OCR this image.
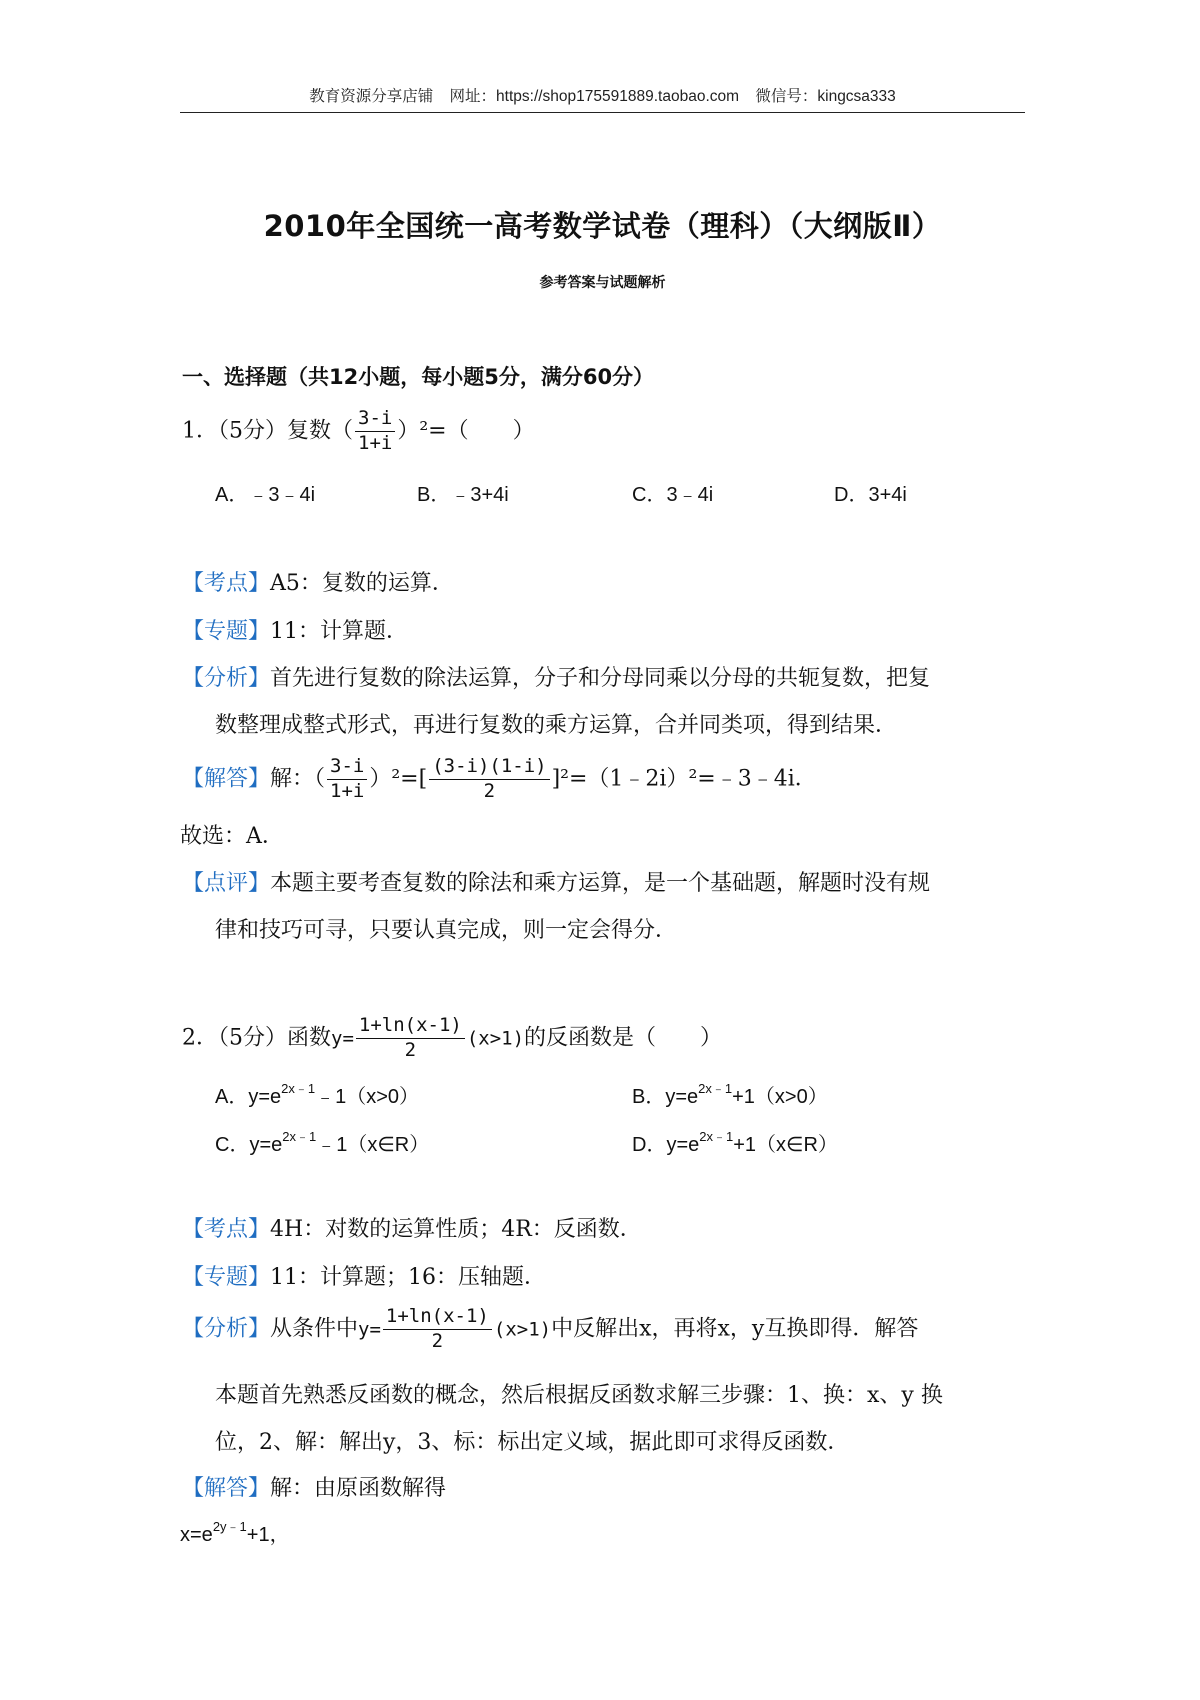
教育资源分享店铺 网址：https://shop175591889.taobao.com 微信号：kingcsa333
2010年全国统一高考数学试卷（理科）（大纲版Ⅱ）
参考答案与试题解析
一、选择题（共12小题，每小题5分，满分60分）
1．（5分）复数（ $\frac{3-i}{1+i} )^2=$（　　）
A．﹣3﹣4i	B．﹣3+4i	C．3﹣4i	D．3+4i
【考点】A5：复数的运算．
【专题】11：计算题．
【分析】首先进行复数的除法运算，分子和分母同乘以分母的共轭复数，把复
数整理成整式形式，再进行复数的乘方运算，合并同类项，得到结果．
【解答】解：（ $\frac{3-i}{1+i} )^2=[ \frac{(3-i)(1-i)}{2}$ ]²=（1﹣2i）²=﹣3﹣4i．
故选：A．
【点评】本题主要考查复数的除法和乘方运算，是一个基础题，解题时没有规
律和技巧可寻，只要认真完成，则一定会得分．
2．（5分）函数$y= \frac{1+\ln(x-1)}{2} (x>1)$的反函数是（　　）
A．$y=e^{2x﹣1}﹣1(x>0)$	B．$y=e^{2x﹣1}+1(x>0)$
C．$y=e^{2x﹣1}﹣1(x\in R)$	D．$y=e^{2x﹣1}+1(x\in R)$
【考点】4H：对数的运算性质；4R：反函数．
【专题】11：计算题；16：压轴题．
【分析】从条件中$y= \frac{1+\ln(x-1)}{2} (x>1)$中反解出x，再将x，y互换即得．解答
本题首先熟悉反函数的概念，然后根据反函数求解三步骤：1、换：x、y 换
位，2、解：解出y，3、标：标出定义域，据此即可求得反函数．
【解答】解：由原函数解得
$x=e^{2y﹣1}+1$，
